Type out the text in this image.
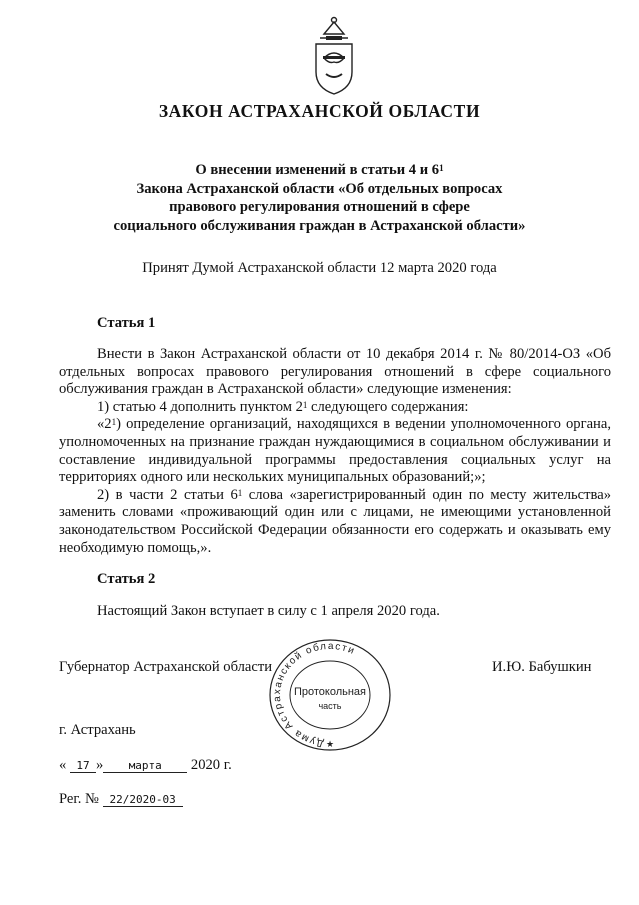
ЗАКОН АСТРАХАНСКОЙ ОБЛАСТИ
О внесении изменений в статьи 4 и $6^1$
Закона Астраханской области «Об отдельных вопросах
правового регулирования отношений в сфере
социального обслуживания граждан в Астраханской области»
Принят Думой Астраханской области 12 марта 2020 года
Статья 1
Внести в Закон Астраханской области от 10 декабря 2014 г. № 80/2014-ОЗ «Об отдельных вопросах правового регулирования отношений в сфере социального обслуживания граждан в Астраханской области» следующие изменения:
1) статью 4 дополнить пунктом $2^1$ следующего содержания:
«$2^1$) определение организаций, находящихся в ведении уполномоченного органа, уполномоченных на признание граждан нуждающимися в социальном обслуживании и составление индивидуальной программы предоставления социальных услуг на территориях одного или нескольких муниципальных образований;»;
2) в части 2 статьи $6^1$ слова «зарегистрированный один по месту жительства» заменить словами «проживающий один или с лицами, не имеющими установленной законодательством Российской Федерации обязанности его содержать и оказывать ему необходимую помощь,».
Статья 2
Настоящий Закон вступает в силу с 1 апреля 2020 года.
Губернатор Астраханской области	И.Ю. Бабушкин
Дума Астраханской области
Протокольная
часть
★
г. Астрахань
« 17 » марта 2020 г.
Рег. № 22/2020-03
